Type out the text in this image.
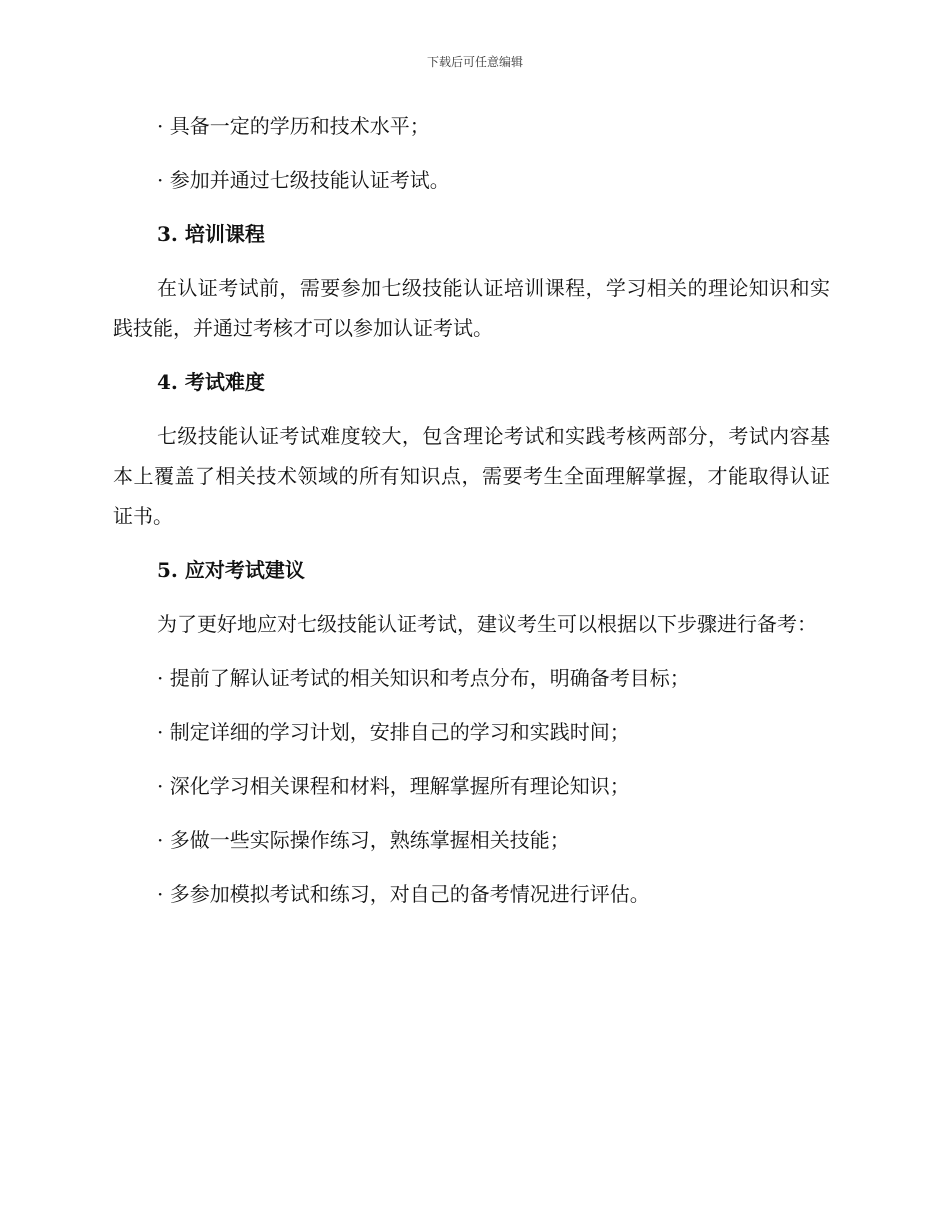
下载后可任意编辑

· 具备一定的学历和技术水平；

· 参加并通过七级技能认证考试。

3. 培训课程

在认证考试前，需要参加七级技能认证培训课程，学习相关的理论知识和实践技能，并通过考核才可以参加认证考试。

4. 考试难度

七级技能认证考试难度较大，包含理论考试和实践考核两部分，考试内容基本上覆盖了相关技术领域的所有知识点，需要考生全面理解掌握，才能取得认证证书。

5. 应对考试建议

为了更好地应对七级技能认证考试，建议考生可以根据以下步骤进行备考：

· 提前了解认证考试的相关知识和考点分布，明确备考目标；

· 制定详细的学习计划，安排自己的学习和实践时间；

· 深化学习相关课程和材料，理解掌握所有理论知识；

· 多做一些实际操作练习，熟练掌握相关技能；

· 多参加模拟考试和练习，对自己的备考情况进行评估。
